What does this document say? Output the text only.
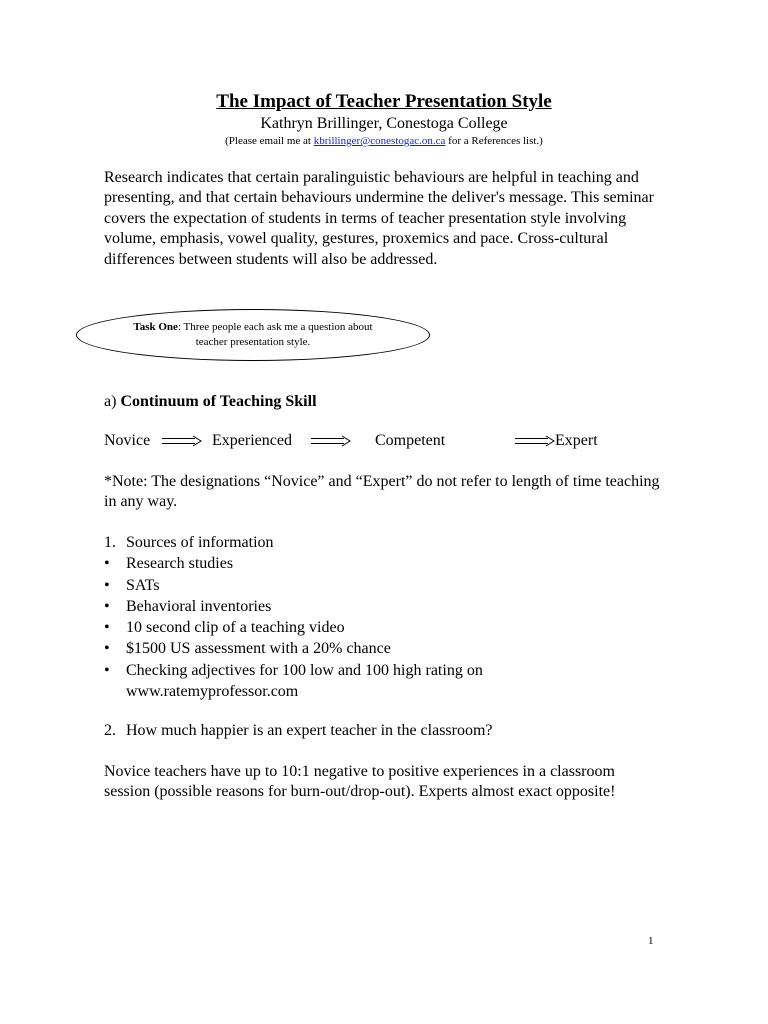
The Impact of Teacher Presentation Style
Kathryn Brillinger, Conestoga College
(Please email me at kbrillinger@conestogac.on.ca for a References list.)
Research indicates that certain paralinguistic behaviours are helpful in teaching and presenting, and that certain behaviours undermine the deliver's message. This seminar covers the expectation of students in terms of teacher presentation style involving volume, emphasis, vowel quality, gestures, proxemics and pace. Cross-cultural differences between students will also be addressed.
Task One: Three people each ask me a question about teacher presentation style.
a) Continuum of Teaching Skill
Novice	Experienced	Competent	Expert
*Note: The designations “Novice” and “Expert” do not refer to length of time teaching in any way.
1. Sources of information
•	Research studies
•	SATs
•	Behavioral inventories
•	10 second clip of a teaching video
•	$1500 US assessment with a 20% chance
•	Checking adjectives for 100 low and 100 high rating on www.ratemyprofessor.com
2. How much happier is an expert teacher in the classroom?
Novice teachers have up to 10:1 negative to positive experiences in a classroom session (possible reasons for burn-out/drop-out). Experts almost exact opposite!
1
